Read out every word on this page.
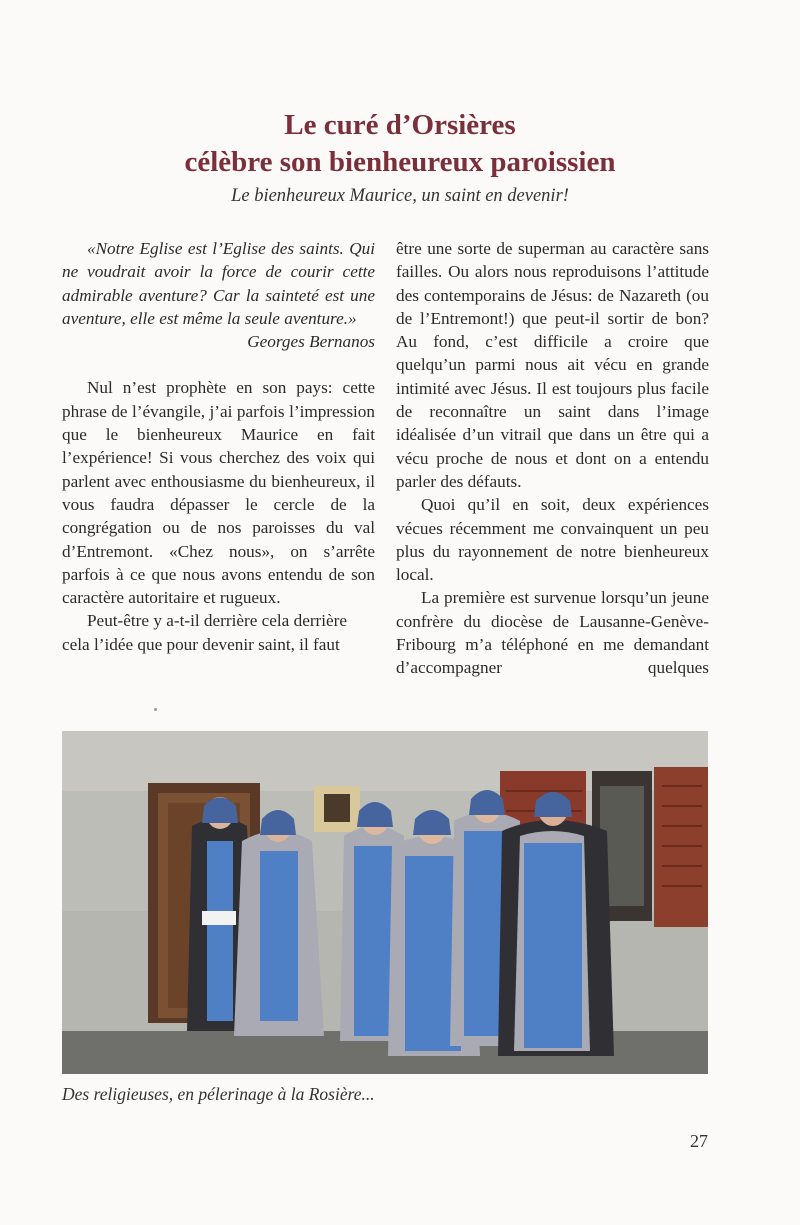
Le curé d’Orsières
célèbre son bienheureux paroissien
Le bienheureux Maurice, un saint en devenir!

«Notre Eglise est l’Eglise des saints. Qui ne voudrait avoir la force de courir cette admirable aventure? Car la sainteté est une aventure, elle est même la seule aventure.»

Georges Bernanos

Nul n’est prophète en son pays: cette phrase de l’évangile, j’ai parfois l’impression que le bienheureux Maurice en fait l’expérience! Si vous cherchez des voix qui parlent avec enthousiasme du bienheureux, il vous faudra dépasser le cercle de la congrégation ou de nos paroisses du val d’Entremont. «Chez nous», on s’arrête parfois à ce que nous avons entendu de son caractère autoritaire et rugueux.

Peut-être y a-t-il derrière cela derrière cela l’idée que pour devenir saint, il faut

être une sorte de superman au caractère sans failles. Ou alors nous reproduisons l’attitude des contemporains de Jésus: de Nazareth (ou de l’Entremont!) que peut-il sortir de bon? Au fond, c’est difficile a croire que quelqu’un parmi nous ait vécu en grande intimité avec Jésus. Il est toujours plus facile de reconnaître un saint dans l’image idéalisée d’un vitrail que dans un être qui a vécu proche de nous et dont on a entendu parler des défauts.

Quoi qu’il en soit, deux expériences vécues récemment me convainquent un peu plus du rayonnement de notre bienheureux local.

La première est survenue lorsqu’un jeune confrère du diocèse de Lausanne-Genève-Fribourg m’a téléphoné en me demandant d’accompagner quelques

Des religieuses, en pélerinage à la Rosière...
27
